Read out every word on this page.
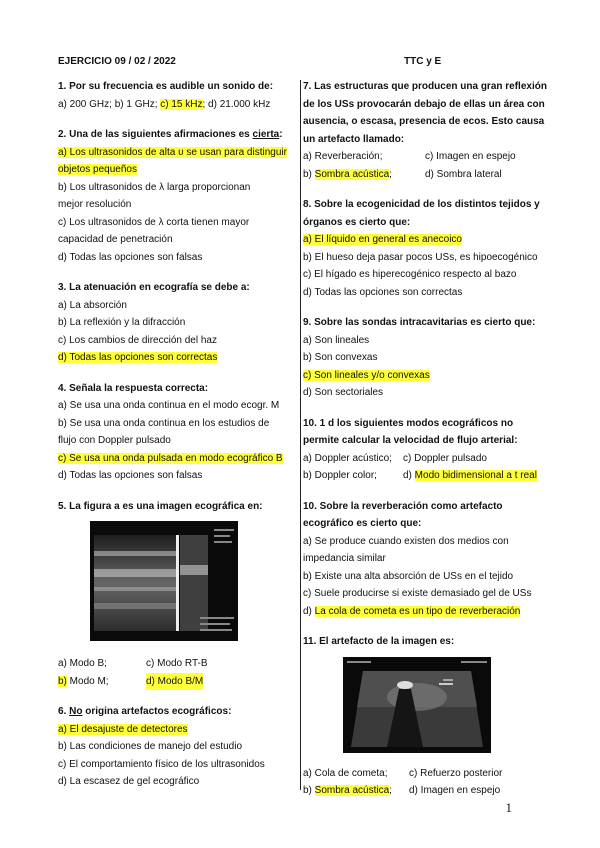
EJERCICIO 09 / 02 / 2022	TTC y E
1. Por su frecuencia es audible un sonido de:
a) 200 GHz; b) 1 GHz; c) 15 kHz; d) 21.000 kHz
2. Una de las siguientes afirmaciones es cierta:
a) Los ultrasonidos de alta υ se usan para distinguir
objetos pequeños
b) Los ultrasonidos de λ larga proporcionan
mejor resolución
c) Los ultrasonidos de λ corta tienen mayor
capacidad de penetración
d) Todas las opciones son falsas
3. La atenuación en ecografía se debe a:
a) La absorción
b) La reflexión y la difracción
c) Los cambios de dirección del haz
d) Todas las opciones son correctas
4. Señala la respuesta correcta:
a) Se usa una onda continua en el modo ecogr. M
b) Se usa una onda continua en los estudios de
flujo con Doppler pulsado
c) Se usa una onda pulsada en modo ecográfico B
d) Todas las opciones son falsas
5. La figura a es una imagen ecográfica en:
a) Modo B;	c) Modo RT-B
b) Modo M;	d) Modo B/M
6. No origina artefactos ecográficos:
a) El desajuste de detectores
b) Las condiciones de manejo del estudio
c) El comportamiento físico de los ultrasonidos
d) La escasez de gel ecográfico
7. Las estructuras que producen una gran reflexión
de los USs provocarán debajo de ellas un área con
ausencia, o escasa, presencia de ecos. Esto causa
un artefacto llamado:
a) Reverberación;	c) Imagen en espejo
b) Sombra acústica;	d) Sombra lateral
8. Sobre la ecogenicidad de los distintos tejidos y
órganos es cierto que:
a) El líquido en general es anecoico
b) El hueso deja pasar pocos USs, es hipoecogénico
c) El hígado es hiperecogénico respecto al bazo
d) Todas las opciones son correctas
9. Sobre las sondas intracavitarias es cierto que:
a) Son lineales
b) Son convexas
c) Son lineales y/o convexas
d) Son sectoriales
10. 1 d los siguientes modos ecográficos no
permite calcular la velocidad de flujo arterial:
a) Doppler acústico;	c) Doppler pulsado
b) Doppler color;	d) Modo bidimensional a t real
10. Sobre la reverberación como artefacto
ecográfico es cierto que:
a) Se produce cuando existen dos medios con
impedancia similar
b) Existe una alta absorción de USs en el tejido
c) Suele producirse si existe demasiado gel de USs
d) La cola de cometa es un tipo de reverberación
11. El artefacto de la imagen es:
a) Cola de cometa;	c) Refuerzo posterior
b) Sombra acústica;	d) Imagen en espejo
1
